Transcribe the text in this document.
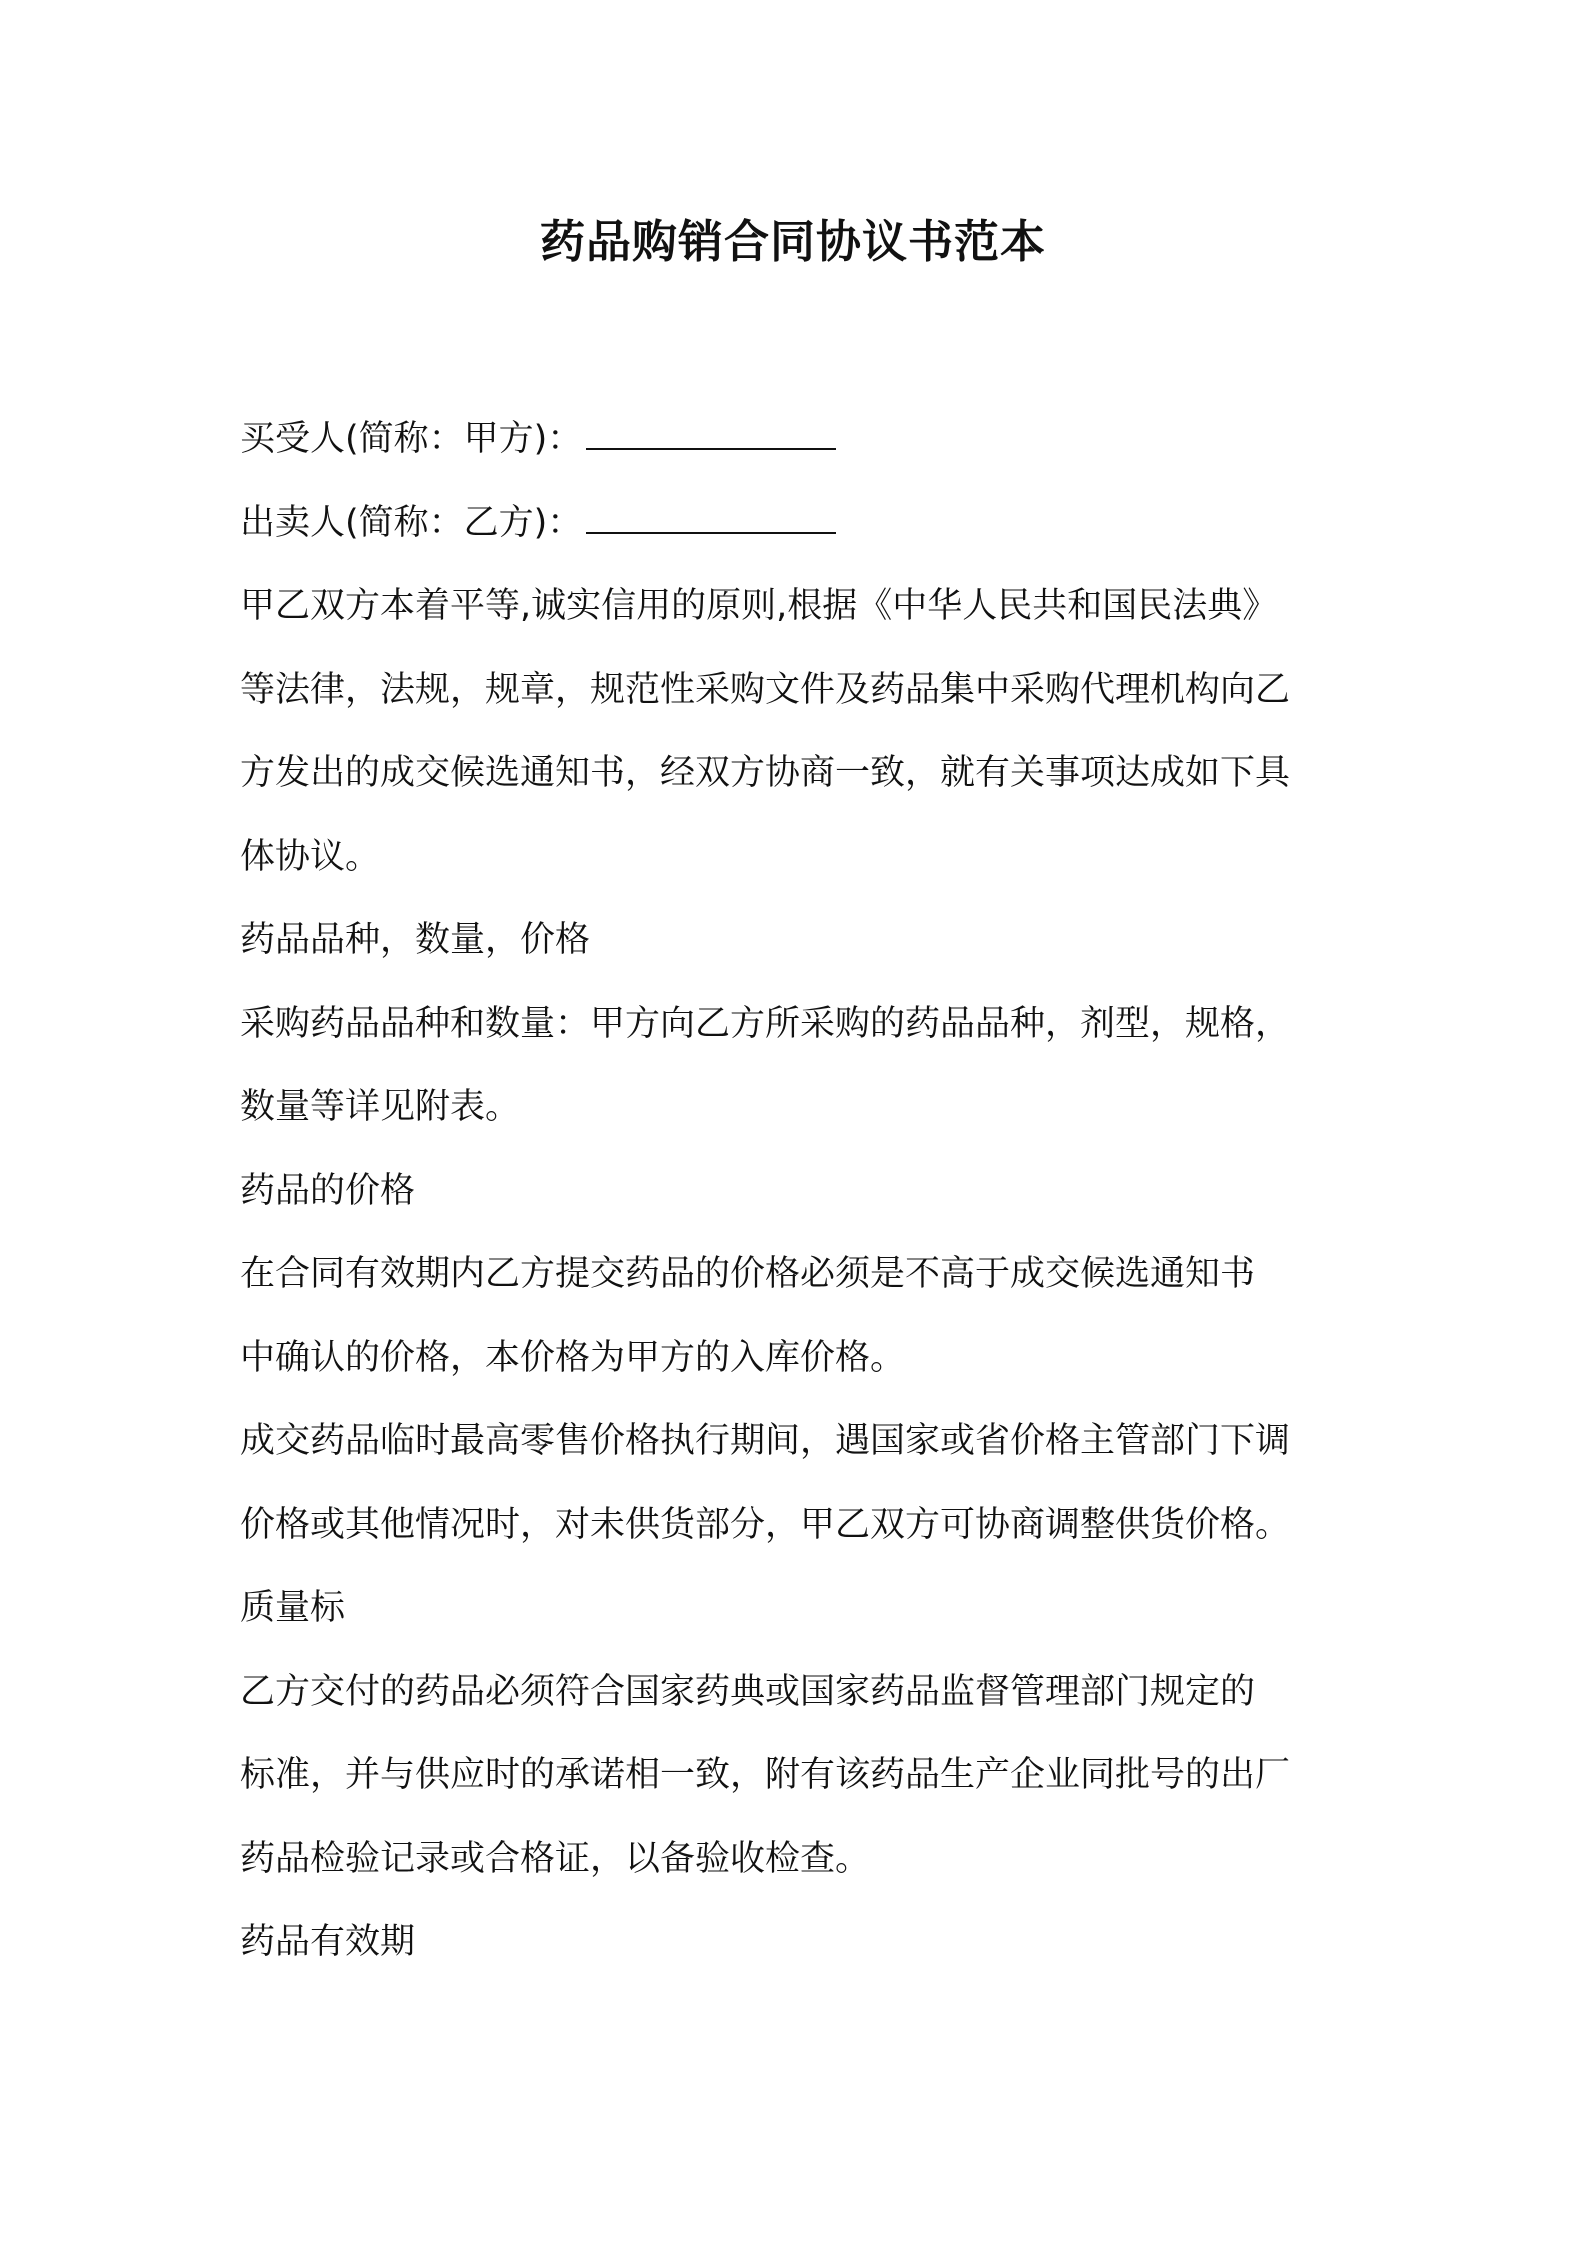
药品购销合同协议书范本
买受人(简称：甲方)：
出卖人(简称：乙方)：
甲乙双方本着平等,诚实信用的原则,根据《中华人民共和国民法典》
等法律，法规，规章，规范性采购文件及药品集中采购代理机构向乙
方发出的成交候选通知书，经双方协商一致，就有关事项达成如下具
体协议。
药品品种，数量，价格
采购药品品种和数量：甲方向乙方所采购的药品品种，剂型，规格，
数量等详见附表。
药品的价格
在合同有效期内乙方提交药品的价格必须是不高于成交候选通知书
中确认的价格，本价格为甲方的入库价格。
成交药品临时最高零售价格执行期间，遇国家或省价格主管部门下调
价格或其他情况时，对未供货部分，甲乙双方可协商调整供货价格。
质量标
乙方交付的药品必须符合国家药典或国家药品监督管理部门规定的
标准，并与供应时的承诺相一致，附有该药品生产企业同批号的出厂
药品检验记录或合格证，以备验收检查。
药品有效期
